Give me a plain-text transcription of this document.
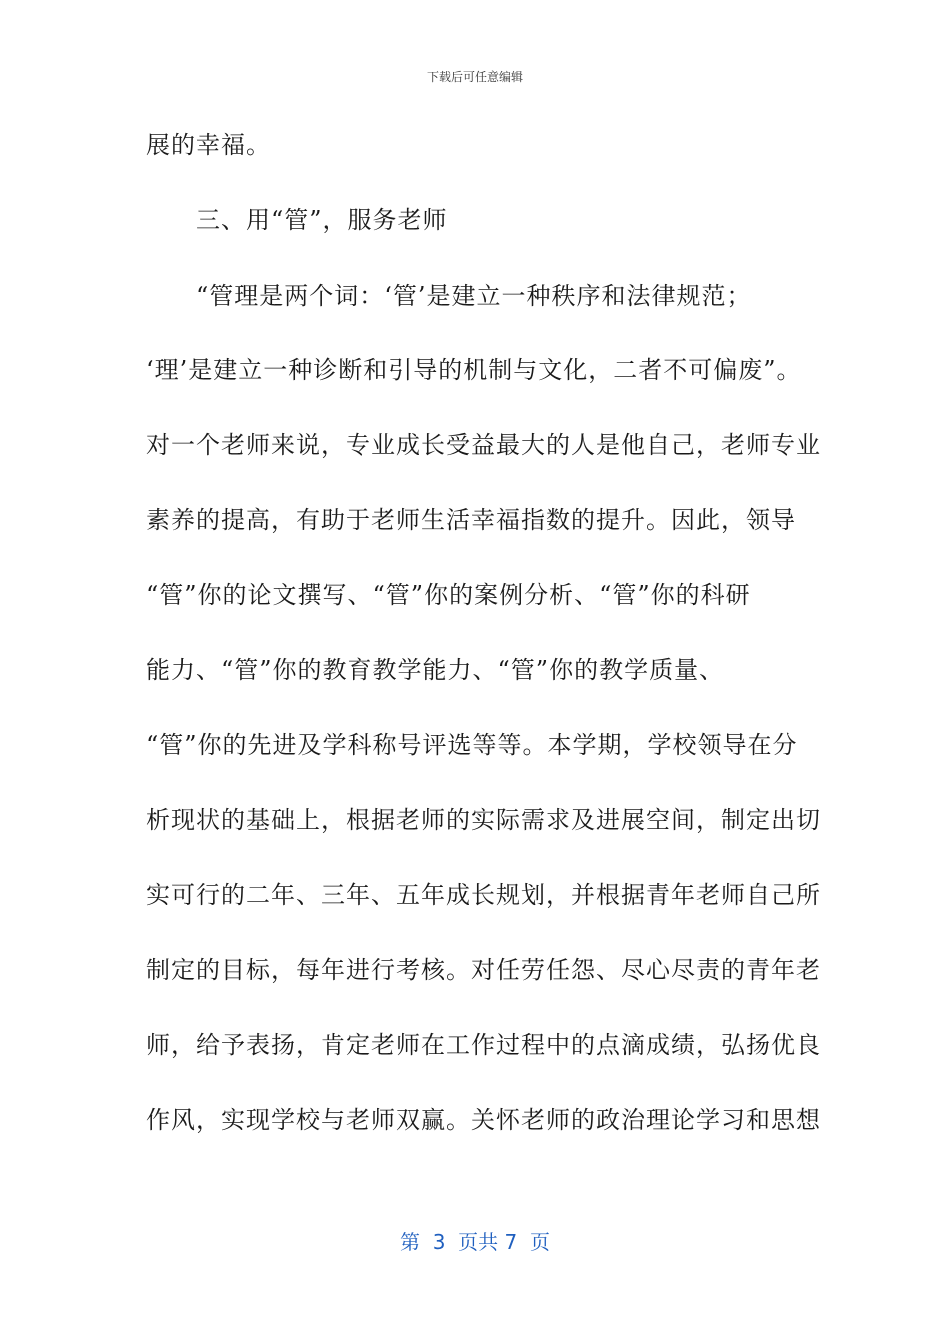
下载后可任意编辑
展的幸福。
　　三、用“管”，服务老师
　　“管理是两个词：‘管’是建立一种秩序和法律规范；
‘理’是建立一种诊断和引导的机制与文化，二者不可偏废”。
对一个老师来说，专业成长受益最大的人是他自己，老师专业
素养的提高，有助于老师生活幸福指数的提升。因此，领导
“管”你的论文撰写、“管”你的案例分析、“管”你的科研
能力、“管”你的教育教学能力、“管”你的教学质量、
“管”你的先进及学科称号评选等等。本学期，学校领导在分
析现状的基础上，根据老师的实际需求及进展空间，制定出切
实可行的二年、三年、五年成长规划，并根据青年老师自己所
制定的目标，每年进行考核。对任劳任怨、尽心尽责的青年老
师，给予表扬，肯定老师在工作过程中的点滴成绩，弘扬优良
作风，实现学校与老师双赢。关怀老师的政治理论学习和思想
第  3  页共 7  页
